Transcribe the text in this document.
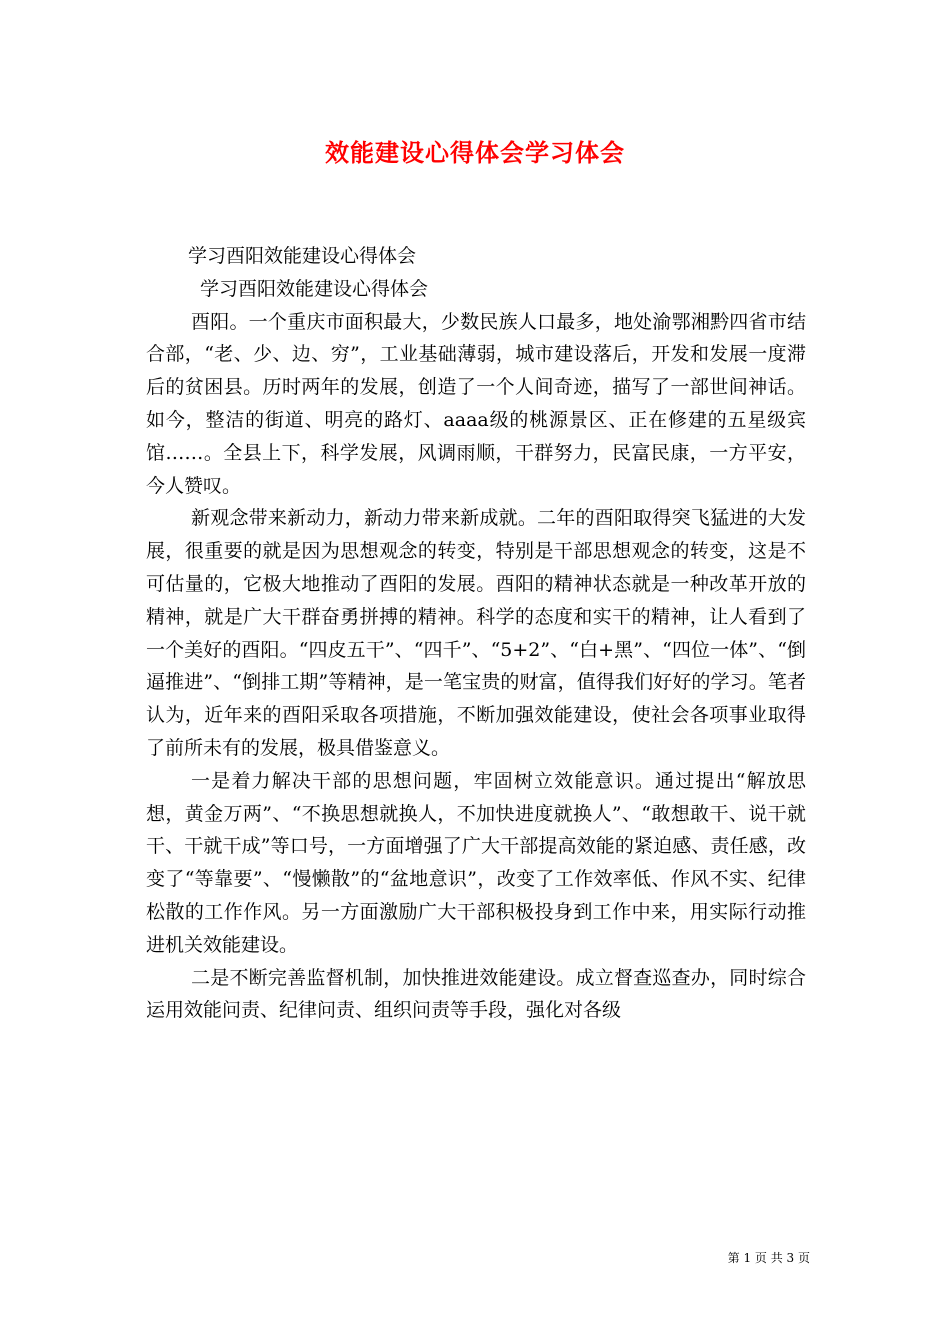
效能建设心得体会学习体会

学习酉阳效能建设心得体会

学习酉阳效能建设心得体会

酉阳。一个重庆市面积最大，少数民族人口最多，地处渝鄂湘黔四省市结合部，“老、少、边、穷”，工业基础薄弱，城市建设落后，开发和发展一度滞后的贫困县。历时两年的发展，创造了一个人间奇迹，描写了一部世间神话。如今，整洁的街道、明亮的路灯、aaaa级的桃源景区、正在修建的五星级宾馆……。全县上下，科学发展，风调雨顺，干群努力，民富民康，一方平安，今人赞叹。

新观念带来新动力，新动力带来新成就。二年的酉阳取得突飞猛进的大发展，很重要的就是因为思想观念的转变，特别是干部思想观念的转变，这是不可估量的，它极大地推动了酉阳的发展。酉阳的精神状态就是一种改革开放的精神，就是广大干群奋勇拼搏的精神。科学的态度和实干的精神，让人看到了一个美好的酉阳。“四皮五干”、“四千”、“5+2”、“白+黑”、“四位一体”、“倒逼推进”、“倒排工期”等精神，是一笔宝贵的财富，值得我们好好的学习。笔者认为，近年来的酉阳采取各项措施，不断加强效能建设，使社会各项事业取得了前所未有的发展，极具借鉴意义。

一是着力解决干部的思想问题，牢固树立效能意识。通过提出“解放思想，黄金万两”、“不换思想就换人，不加快进度就换人”、“敢想敢干、说干就干、干就干成”等口号，一方面增强了广大干部提高效能的紧迫感、责任感，改变了“等靠要”、“慢懒散”的“盆地意识”，改变了工作效率低、作风不实、纪律松散的工作作风。另一方面激励广大干部积极投身到工作中来，用实际行动推进机关效能建设。

二是不断完善监督机制，加快推进效能建设。成立督查巡查办，同时综合运用效能问责、纪律问责、组织问责等手段，强化对各级

第 1 页 共 3 页
